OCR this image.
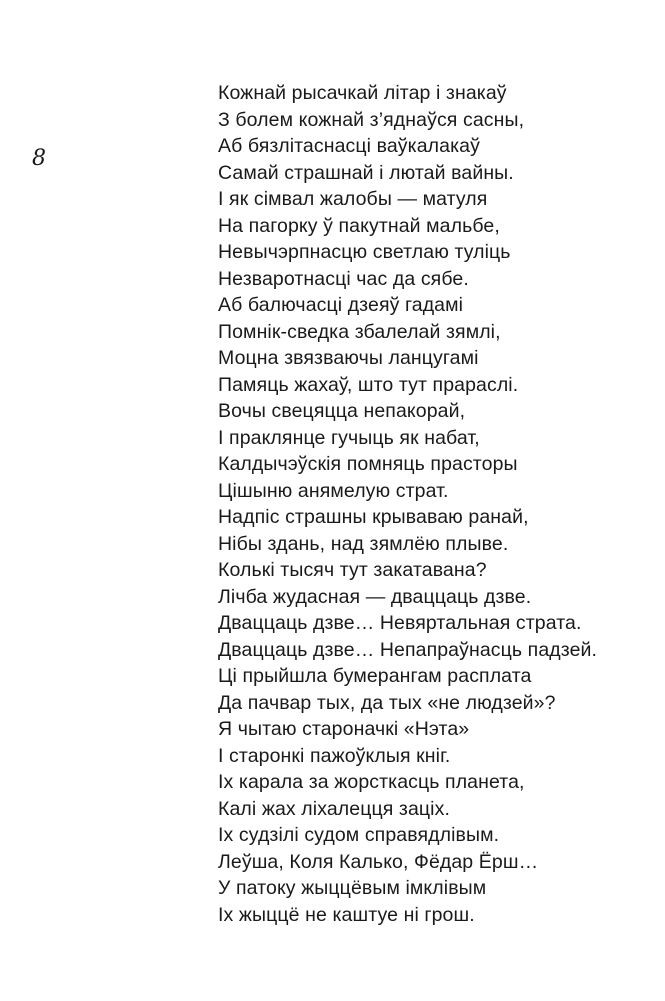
8
Кожнай рысачкай літар і знакаў
З болем кожнай з’яднаўся сасны,
Аб бязлітаснасці ваўкалакаў
Самай страшнай і лютай вайны.
І як сімвал жалобы — матуля
На пагорку ў пакутнай мальбе,
Невычэрпнасцю светлаю туліць
Незваротнасці час да сябе.
Аб балючасці дзеяў гадамі
Помнік-сведка збалелай зямлі,
Моцна звязваючы ланцугамі
Памяць жахаў, што тут прараслі.
Вочы свецяцца непакорай,
І праклянце гучыць як набат,
Калдычэўскія помняць прасторы
Цішыню анямелую страт.
Надпіс страшны крываваю ранай,
Нібы здань, над зямлёю плыве.
Колькі тысяч тут закатавана?
Лічба жудасная — дваццаць дзве.
Дваццаць дзве… Невяртальная страта.
Дваццаць дзве… Непапраўнасць падзей.
Ці прыйшла бумерангам расплата
Да пачвар тых, да тых «не людзей»?
Я чытаю староначкі «Нэта»
І старонкі пажоўклыя кніг.
Іх карала за жорсткасць планета,
Калі жах ліхалецця заціх.
Іх судзілі судом справядлівым.
Леўша, Коля Калько, Фёдар Ёрш…
У патоку жыццёвым імклівым
Іх жыццё не каштуе ні грош.
